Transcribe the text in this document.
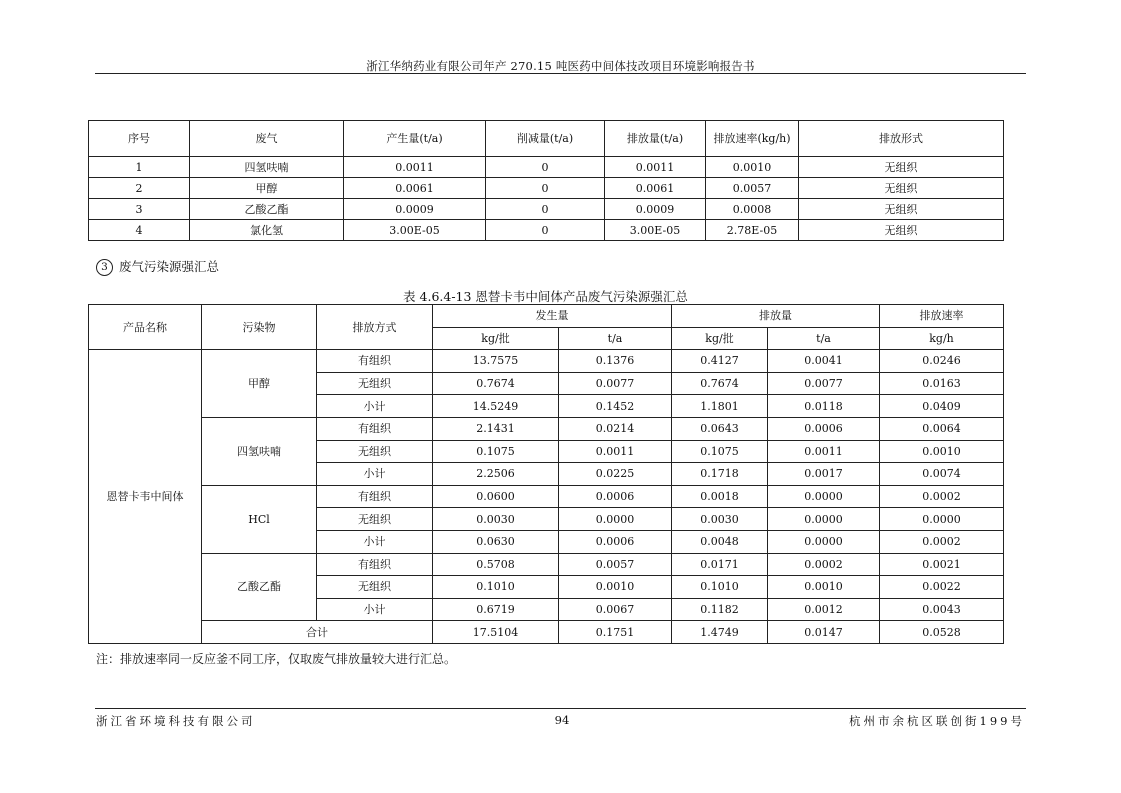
浙江华纳药业有限公司年产 270.15 吨医药中间体技改项目环境影响报告书
序号	废气	产生量(t/a)	削减量(t/a)	排放量(t/a)	排放速率(kg/h)	排放形式
1	四氢呋喃	0.0011	0	0.0011	0.0010	无组织
2	甲醇	0.0061	0	0.0061	0.0057	无组织
3	乙酸乙酯	0.0009	0	0.0009	0.0008	无组织
4	氯化氢	3.00E-05	0	3.00E-05	2.78E-05	无组织
3 废气污染源强汇总
表 4.6.4-13 恩替卡韦中间体产品废气污染源强汇总
产品名称	污染物	排放方式	发生量		排放量		排放速率
			kg/批	t/a	kg/批	t/a	kg/h
恩替卡韦中间体	甲醇	有组织	13.7575	0.1376	0.4127	0.0041	0.0246
		无组织	0.7674	0.0077	0.7674	0.0077	0.0163
		小计	14.5249	0.1452	1.1801	0.0118	0.0409
	四氢呋喃	有组织	2.1431	0.0214	0.0643	0.0006	0.0064
		无组织	0.1075	0.0011	0.1075	0.0011	0.0010
		小计	2.2506	0.0225	0.1718	0.0017	0.0074
	HCl	有组织	0.0600	0.0006	0.0018	0.0000	0.0002
		无组织	0.0030	0.0000	0.0030	0.0000	0.0000
		小计	0.0630	0.0006	0.0048	0.0000	0.0002
	乙酸乙酯	有组织	0.5708	0.0057	0.0171	0.0002	0.0021
		无组织	0.1010	0.0010	0.1010	0.0010	0.0022
		小计	0.6719	0.0067	0.1182	0.0012	0.0043
	合计		17.5104	0.1751	1.4749	0.0147	0.0528
注：排放速率同一反应釜不同工序，仅取废气排放量较大进行汇总。
浙江省环境科技有限公司	94	杭州市余杭区联创街199号
